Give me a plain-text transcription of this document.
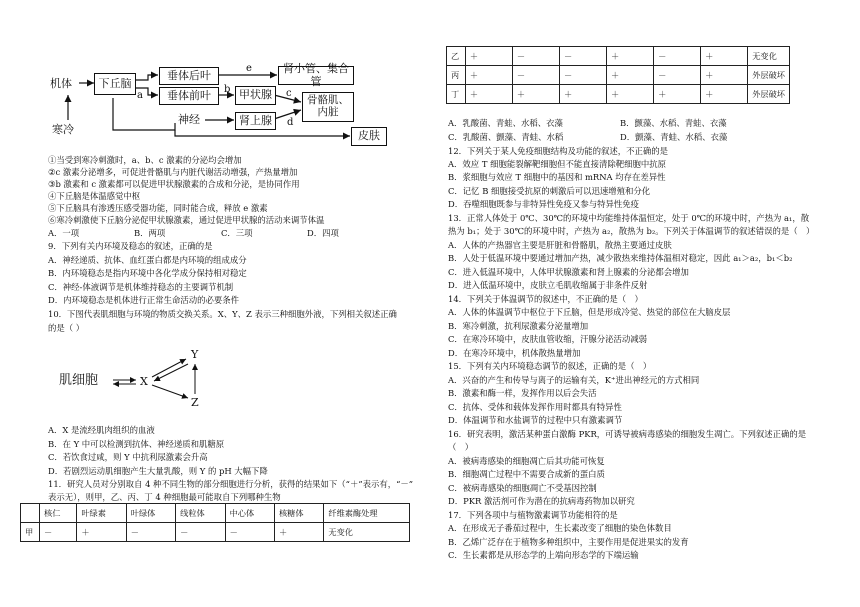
机体
寒冷
下丘脑
垂体后叶
垂体前叶
肾小管、集合管
甲状腺	骨骼肌、
内脏
神经	肾上腺
皮肤
a
b	c
d
e
①当受到寒冷刺激时，a、b、c 激素的分泌均会增加
②c 激素分泌增多，可促进骨骼肌与内脏代谢活动增强，产热量增加
③b 激素和 c 激素都可以促进甲状腺激素的合成和分泌，是协同作用
④下丘脑是体温感觉中枢
⑤下丘脑具有渗透压感受器功能，同时能合成，释放 e 激素
⑥寒冷刺激使下丘脑分泌促甲状腺激素，通过促进甲状腺的活动来调节体温
A．一项	B．两项	C．三项	D．四项
9．下列有关内环境及稳态的叙述，正确的是
A．神经递质、抗体、血红蛋白都是内环境的组成成分
B．内环境稳态是指内环境中各化学成分保持相对稳定
C．神经-体液调节是机体维持稳态的主要调节机制
D．内环境稳态是机体进行正常生命活动的必要条件
10．下图代表肌细胞与环境的物质交换关系。X、Y、Z 表示三种细胞外液，下列相关叙述正确
的是（ ）
肌细胞	X
Y
Z
A．X 是流经肌肉组织的血液
B．在 Y 中可以检测到抗体、神经递质和肌糖原
C．若饮食过咸，则 Y 中抗利尿激素会升高
D．若剧烈运动肌细胞产生大量乳酸，则 Y 的 pH 大幅下降
11．研究人员对分别取自 4 种不同生物的部分细胞进行分析，获得的结果如下（“＋”表示有，“－”
表示无），则甲，乙、丙、丁 4 种细胞最可能取自下列哪种生物
	核仁	叶绿素	叶绿体	线粒体	中心体	核糖体	纤维素酶处理
甲	－	＋	－	－	－	＋	无变化
乙	＋	－	－	＋	－	＋	无变化
丙	＋	－	－	＋	－	＋	外层破坏
丁	＋	＋	＋	＋	＋	＋	外层破坏
A．乳酸菌、青蛙、水稻、衣藻	B．颤藻、水稻、青蛙、衣藻
C．乳酸菌、颤藻、青蛙、水稻	D．颤藻、青蛙、水稻、衣藻
12．下列关于某人免疫细胞结构及功能的叙述，不正确的是
A．效应 T 细胞能裂解靶细胞但不能直接清除靶细胞中抗原
B．浆细胞与效应 T 细胞中的基因和 mRNA 均存在差异性
C．记忆 B 细胞接受抗原的刺激后可以迅速增殖和分化
D．吞噬细胞既参与非特异性免疫又参与特异性免疫
13．正常人体处于 0℃、30℃的环境中均能维持体温恒定，处于 0℃的环境中时，产热为 a₁，散
热为 b₁；处于 30℃的环境中时，产热为 a₂，散热为 b₂。下列关于体温调节的叙述错误的是（　）
A．人体的产热器官主要是肝脏和骨骼肌，散热主要通过皮肤
B．人处于低温环境中要通过增加产热，减少散热来维持体温相对稳定，因此 a₁＞a₂，b₁＜b₂
C．进入低温环境中，人体甲状腺激素和肾上腺素的分泌都会增加
D．进入低温环境中，皮肤立毛肌收缩属于非条件反射
14．下列关于体温调节的叙述中，不正确的是（　）
A．人体的体温调节中枢位于下丘脑，但是形成冷觉、热觉的部位在大脑皮层
B．寒冷刺激，抗利尿激素分泌量增加
C．在寒冷环境中，皮肤血管收缩，汗腺分泌活动减弱
D．在寒冷环境中，机体散热量增加
15．下列有关内环境稳态调节的叙述，正确的是（　）
A．兴奋的产生和传导与离子的运输有关，K⁺进出神经元的方式相同
B．激素和酶一样，发挥作用以后会失活
C．抗体、受体和载体发挥作用时都具有特异性
D．体温调节和水盐调节的过程中只有激素调节
16．研究表明，激活某种蛋白激酶 PKR，可诱导被病毒感染的细胞发生凋亡。下列叙述正确的是
（　）
A．被病毒感染的细胞凋亡后其功能可恢复
B．细胞凋亡过程中不需要合成新的蛋白质
C．被病毒感染的细胞凋亡不受基因控制
D．PKR 激活剂可作为潜在的抗病毒药物加以研究
17．下列各项中与植物激素调节功能相符的是
A．在形成无子番茄过程中，生长素改变了细胞的染色体数目
B．乙烯广泛存在于植物多种组织中，主要作用是促进果实的发育
C．生长素都是从形态学的上端向形态学的下端运输
